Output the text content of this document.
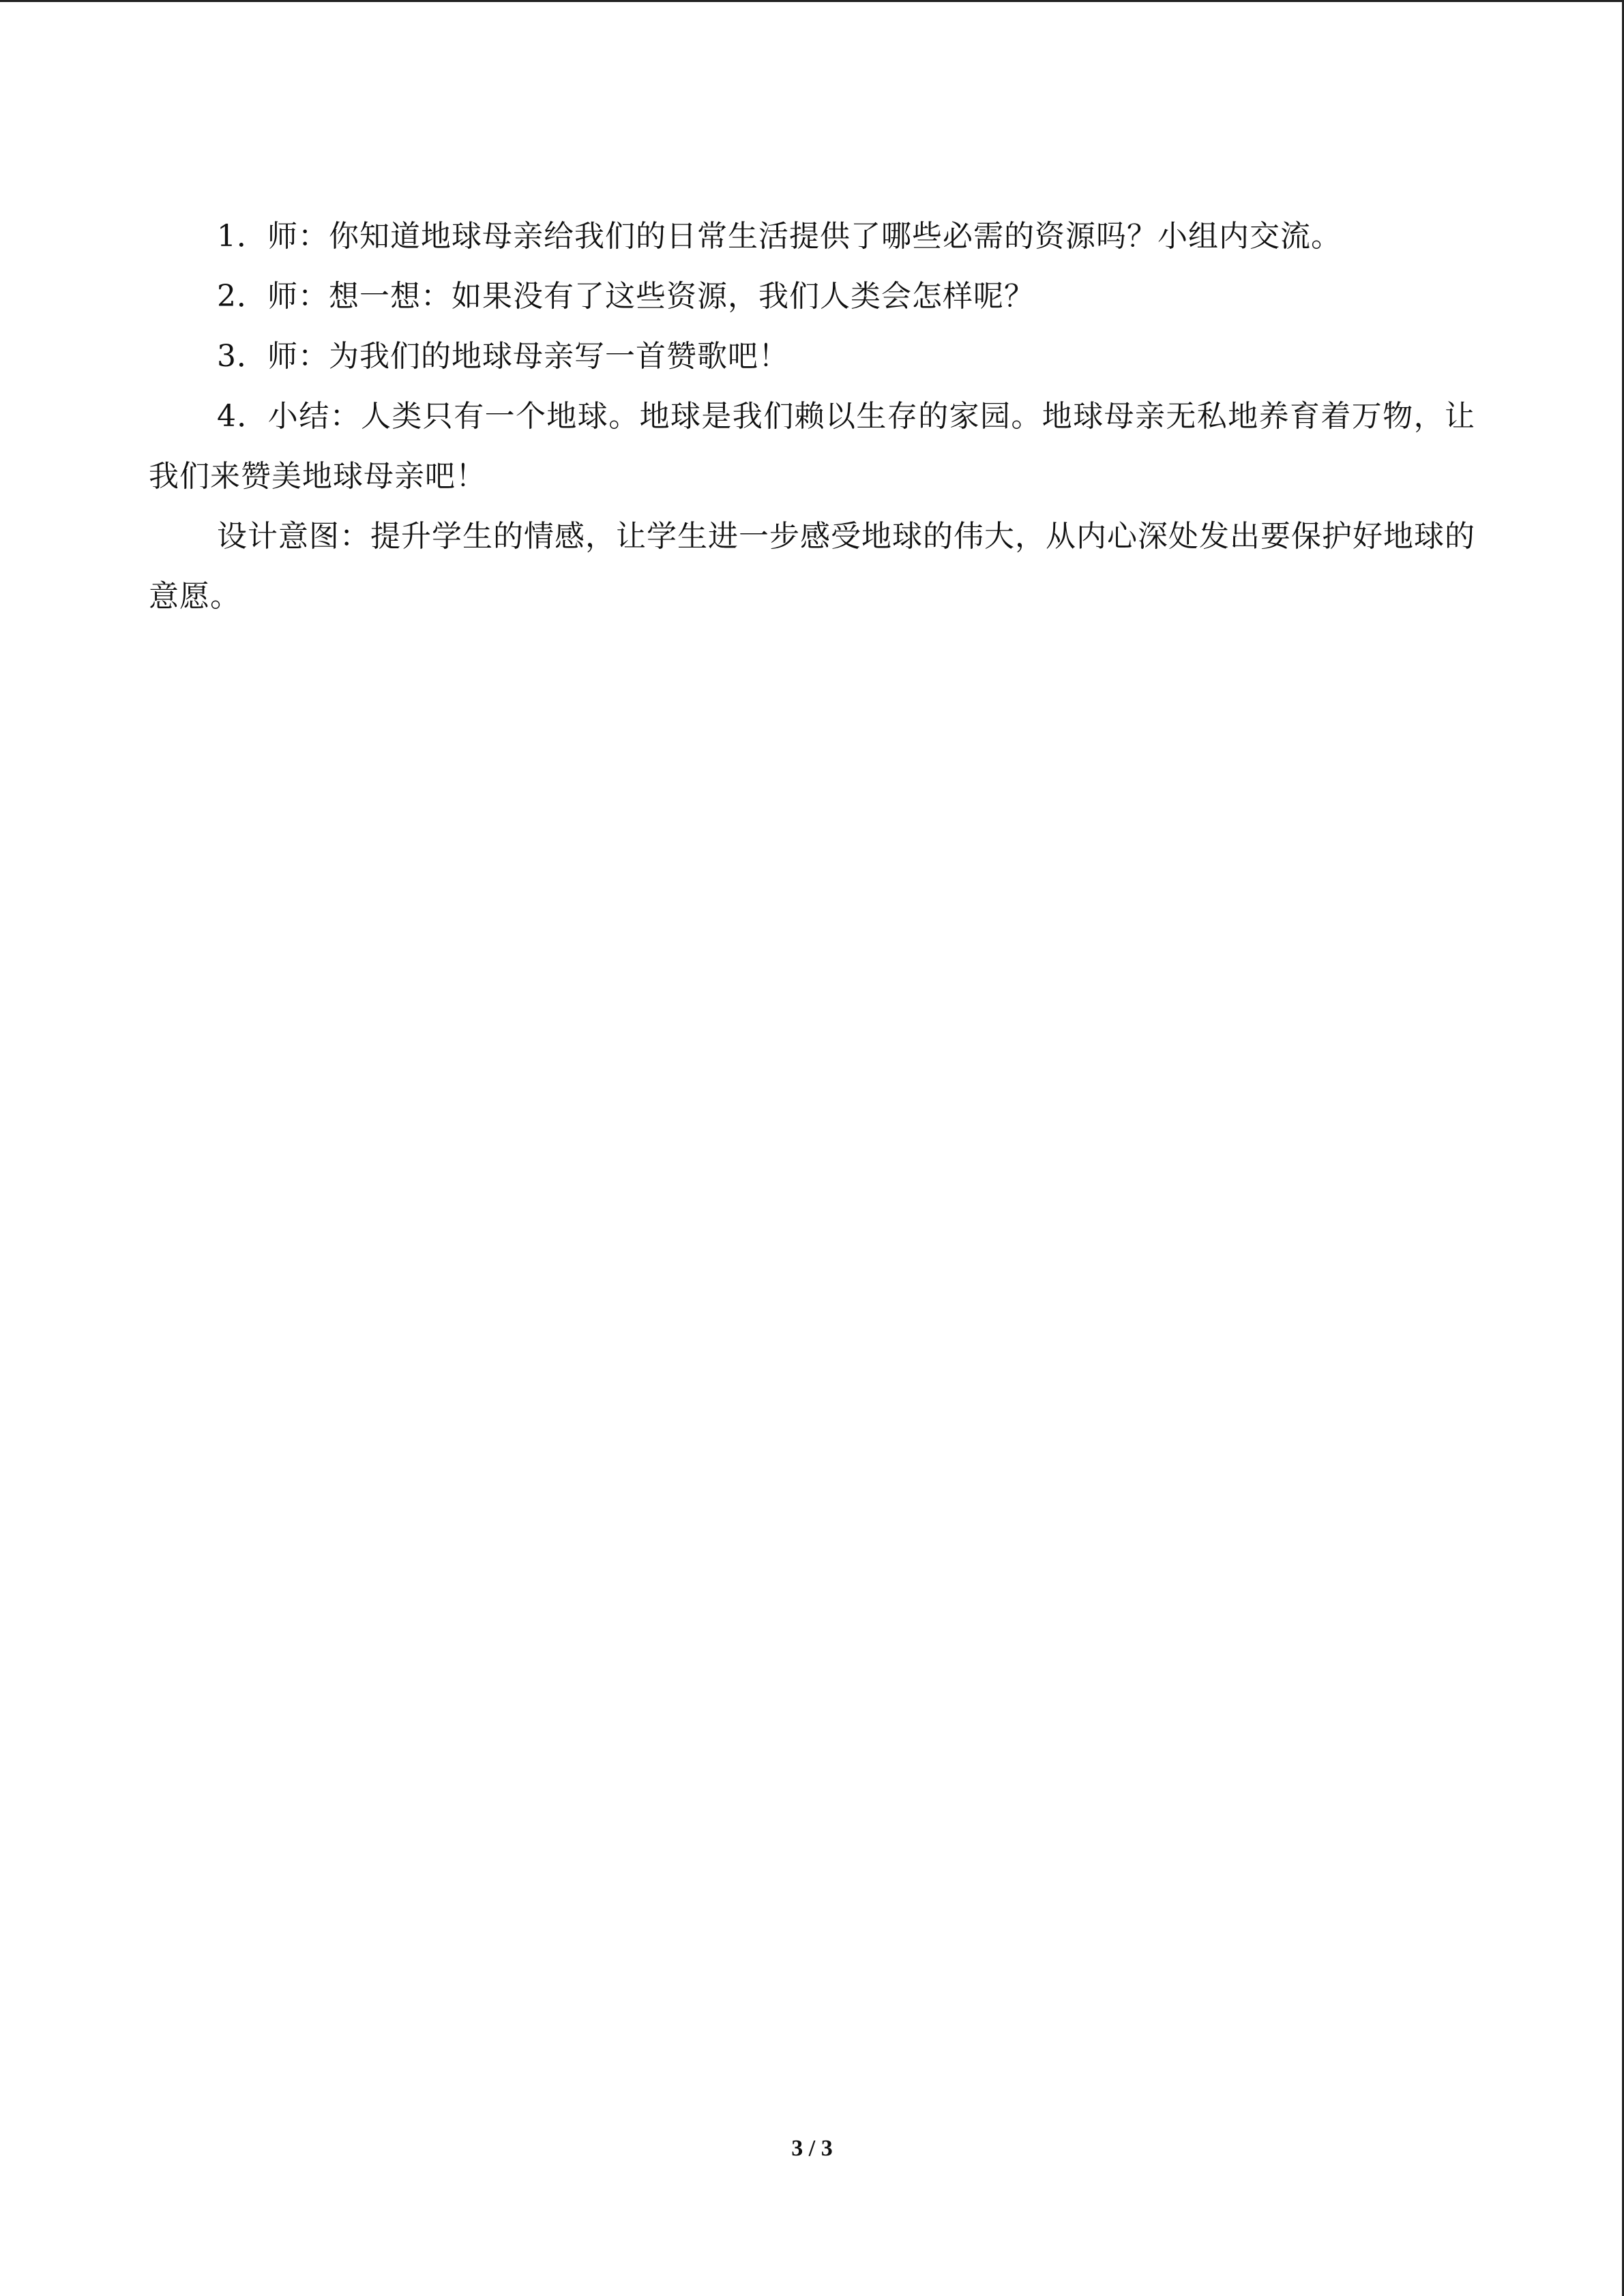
1．师：你知道地球母亲给我们的日常生活提供了哪些必需的资源吗？小组内交流。

2．师：想一想：如果没有了这些资源，我们人类会怎样呢？

3．师：为我们的地球母亲写一首赞歌吧！

4．小结：人类只有一个地球。地球是我们赖以生存的家园。地球母亲无私地养育着万物，让我们来赞美地球母亲吧！

设计意图：提升学生的情感，让学生进一步感受地球的伟大，从内心深处发出要保护好地球的意愿。

3 / 3
